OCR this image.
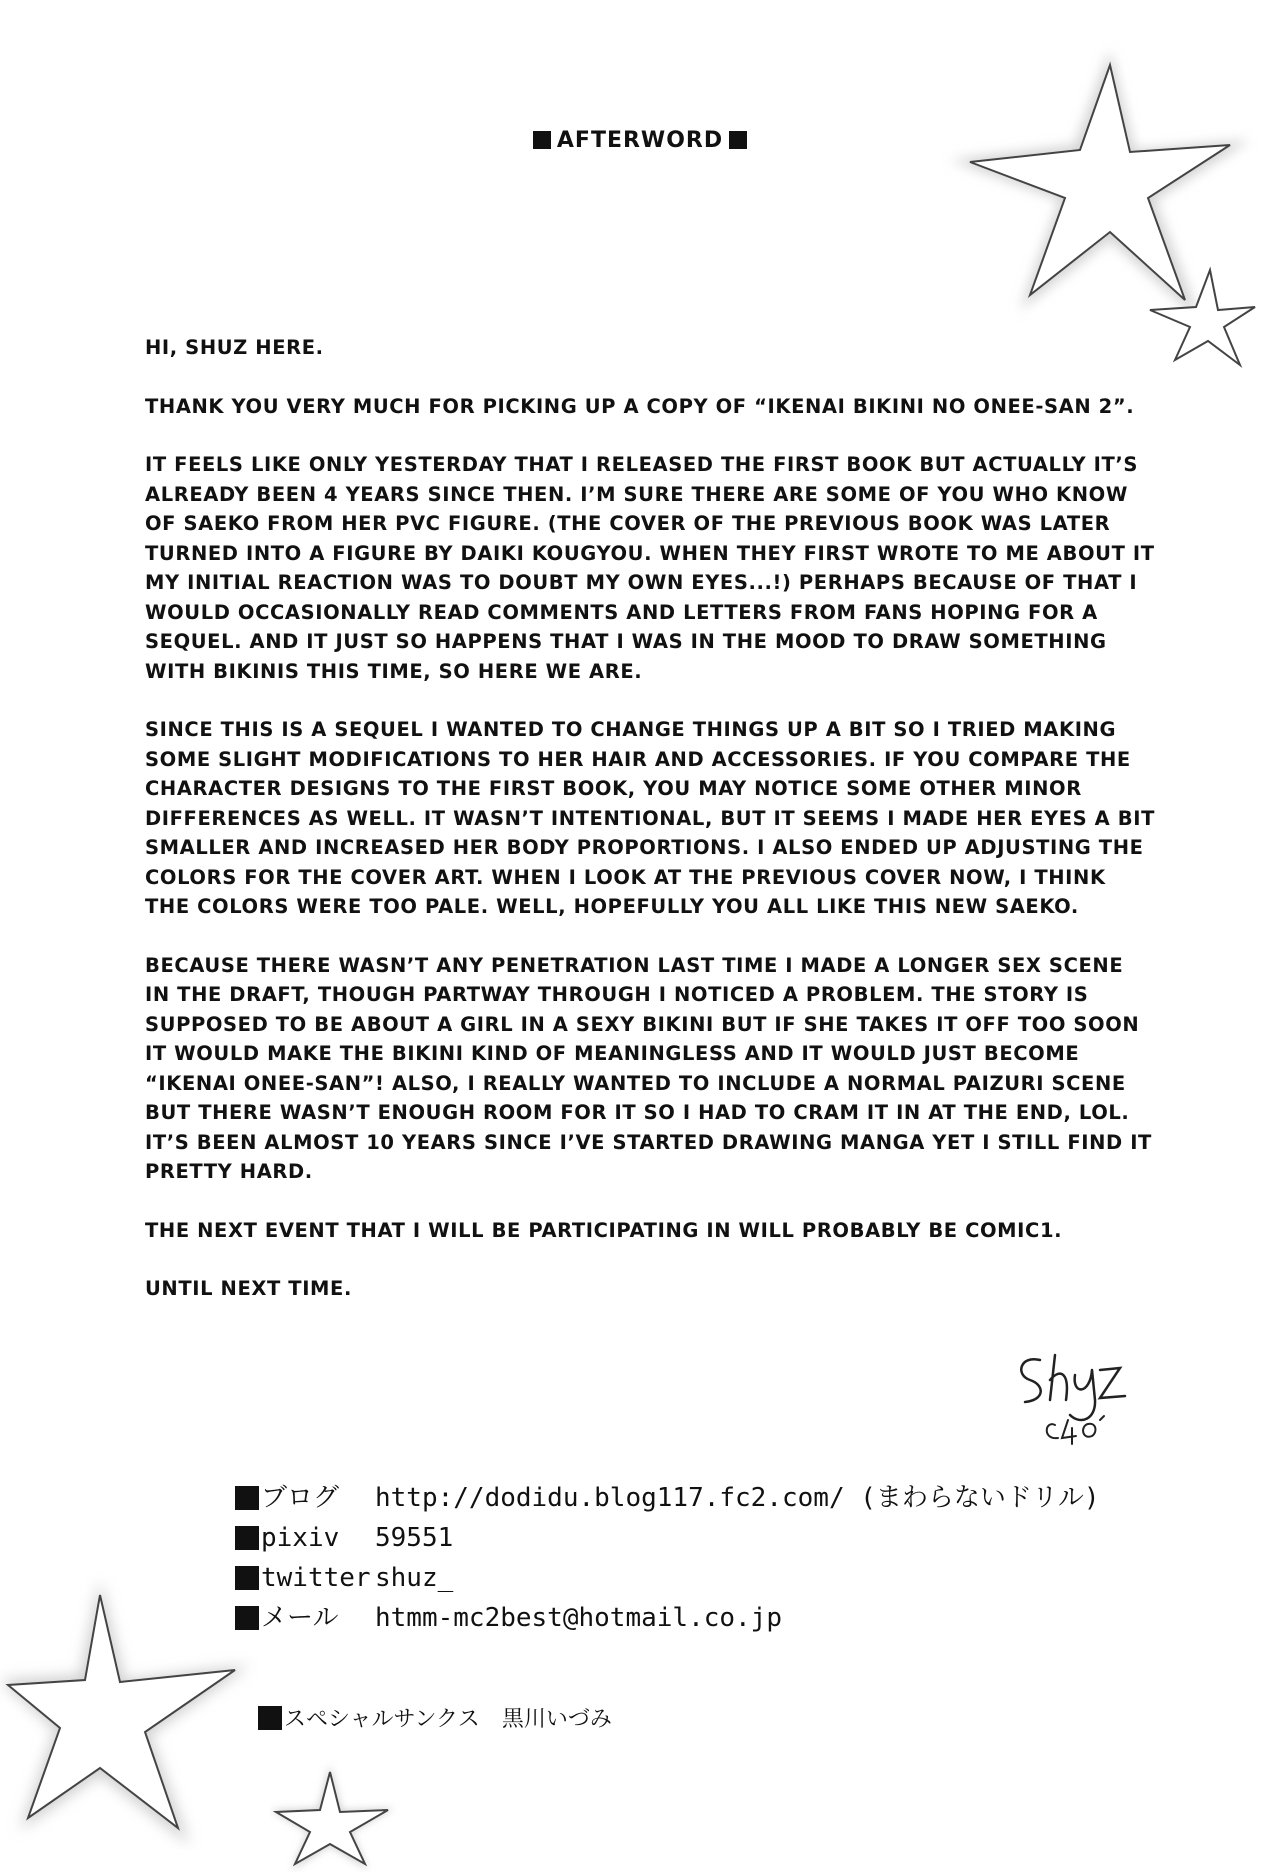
AFTERWORD

HI, SHUZ HERE.

THANK YOU VERY MUCH FOR PICKING UP A COPY OF “IKENAI BIKINI NO ONEE-SAN 2”.

IT FEELS LIKE ONLY YESTERDAY THAT I RELEASED THE FIRST BOOK BUT ACTUALLY IT’S ALREADY BEEN 4 YEARS SINCE THEN. I’M SURE THERE ARE SOME OF YOU WHO KNOW OF SAEKO FROM HER PVC FIGURE. (THE COVER OF THE PREVIOUS BOOK WAS LATER TURNED INTO A FIGURE BY DAIKI KOUGYOU. WHEN THEY FIRST WROTE TO ME ABOUT IT MY INITIAL REACTION WAS TO DOUBT MY OWN EYES...!) PERHAPS BECAUSE OF THAT I WOULD OCCASIONALLY READ COMMENTS AND LETTERS FROM FANS HOPING FOR A SEQUEL. AND IT JUST SO HAPPENS THAT I WAS IN THE MOOD TO DRAW SOMETHING WITH BIKINIS THIS TIME, SO HERE WE ARE.

SINCE THIS IS A SEQUEL I WANTED TO CHANGE THINGS UP A BIT SO I TRIED MAKING SOME SLIGHT MODIFICATIONS TO HER HAIR AND ACCESSORIES. IF YOU COMPARE THE CHARACTER DESIGNS TO THE FIRST BOOK, YOU MAY NOTICE SOME OTHER MINOR DIFFERENCES AS WELL. IT WASN’T INTENTIONAL, BUT IT SEEMS I MADE HER EYES A BIT SMALLER AND INCREASED HER BODY PROPORTIONS. I ALSO ENDED UP ADJUSTING THE COLORS FOR THE COVER ART. WHEN I LOOK AT THE PREVIOUS COVER NOW, I THINK THE COLORS WERE TOO PALE. WELL, HOPEFULLY YOU ALL LIKE THIS NEW SAEKO.

BECAUSE THERE WASN’T ANY PENETRATION LAST TIME I MADE A LONGER SEX SCENE IN THE DRAFT, THOUGH PARTWAY THROUGH I NOTICED A PROBLEM. THE STORY IS SUPPOSED TO BE ABOUT A GIRL IN A SEXY BIKINI BUT IF SHE TAKES IT OFF TOO SOON IT WOULD MAKE THE BIKINI KIND OF MEANINGLESS AND IT WOULD JUST BECOME “IKENAI ONEE-SAN”! ALSO, I REALLY WANTED TO INCLUDE A NORMAL PAIZURI SCENE BUT THERE WASN’T ENOUGH ROOM FOR IT SO I HAD TO CRAM IT IN AT THE END, LOL. IT’S BEEN ALMOST 10 YEARS SINCE I’VE STARTED DRAWING MANGA YET I STILL FIND IT PRETTY HARD.

THE NEXT EVENT THAT I WILL BE PARTICIPATING IN WILL PROBABLY BE COMIC1.

UNTIL NEXT TIME.

ブログ http://dodidu.blog117.fc2.com/ (まわらないドリル)
pixiv 59551
twitter shuz_
メール htmm-mc2best@hotmail.co.jp
スペシャルサンクス 黒川いづみ
